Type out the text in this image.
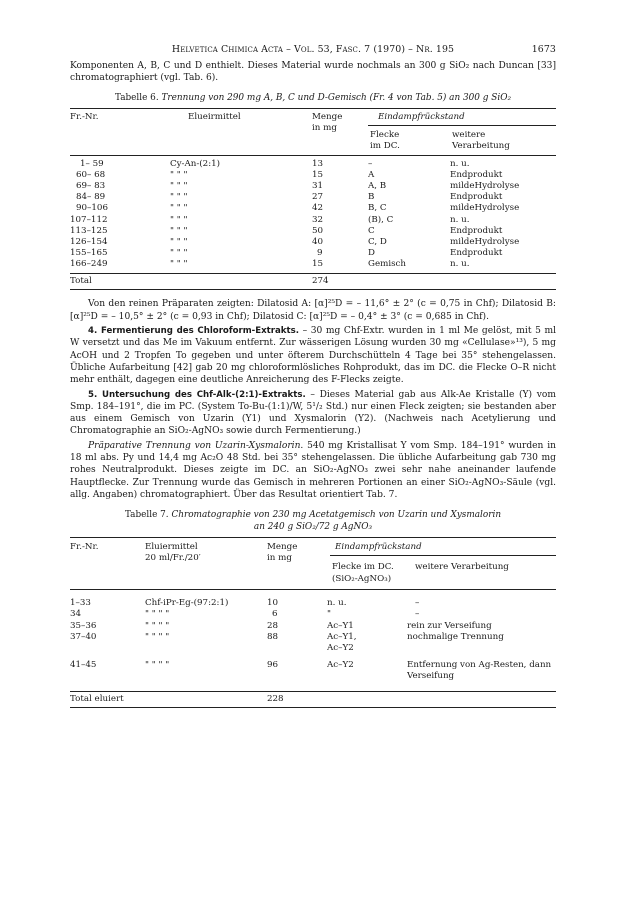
Helvetica Chimica Acta – Vol. 53, Fasc. 7 (1970) – Nr. 195	1673

Komponenten A, B, C und D enthielt. Dieses Material wurde nochmals an 300 g SiO₂ nach Duncan [33] chromatographiert (vgl. Tab. 6).

Tabelle 6. Trennung von 290 mg A, B, C und D-Gemisch (Fr. 4 von Tab. 5) an 300 g SiO₂
Fr.-Nr.	Elueirmittel	Menge
in mg
Eindampfrückstand
Flecke
im DC.
weitere
Verarbeitung
1– 59	Cy-An-(2:1)	13	–	n. u.
60– 68	" " "	15	A	Endprodukt
69– 83	" " "	31	A, B	mildeHydrolyse
84– 89	" " "	27	B	Endprodukt
90–106	" " "	42	B, C	mildeHydrolyse
107–112	" " "	32	(B), C	n. u.
113–125	" " "	50	C	Endprodukt
126–154	" " "	40	C, D	mildeHydrolyse
155–165	" " "	9	D	Endprodukt
166–249	" " "	15	Gemisch	n. u.
Total	274

Von den reinen Präparaten zeigten: Dilatosid A: [α]²⁵D = – 11,6° ± 2° (c = 0,75 in Chf); Dilatosid B: [α]²⁵D = – 10,5° ± 2° (c = 0,93 in Chf); Dilatosid C: [α]²⁵D = – 0,4° ± 3° (c = 0,685 in Chf).

4. Fermentierung des Chloroform-Extrakts. – 30 mg Chf-Extr. wurden in 1 ml Me gelöst, mit 5 ml W versetzt und das Me im Vakuum entfernt. Zur wässerigen Lösung wurden 30 mg «Cellulase»¹³), 5 mg AcOH und 2 Tropfen To gegeben und unter öfterem Durchschütteln 4 Tage bei 35° stehengelassen. Übliche Aufarbeitung [42] gab 20 mg chloroformlösliches Rohprodukt, das im DC. die Flecke O–R nicht mehr enthält, dagegen eine deutliche Anreicherung des F-Flecks zeigte.

5. Untersuchung des Chf-Alk-(2:1)-Extrakts. – Dieses Material gab aus Alk-Ae Kristalle (Y) vom Smp. 184–191°, die im PC. (System To-Bu-(1:1)/W, 5¹/₂ Std.) nur einen Fleck zeigten; sie bestanden aber aus einem Gemisch von Uzarin (Y1) und Xysmalorin (Y2). (Nachweis nach Acetylierung und Chromatographie an SiO₂-AgNO₃ sowie durch Fermentierung.)

Präparative Trennung von Uzarin-Xysmalorin. 540 mg Kristallisat Y vom Smp. 184–191° wurden in 18 ml abs. Py und 14,4 mg Ac₂O 48 Std. bei 35° stehengelassen. Die übliche Aufarbeitung gab 730 mg rohes Neutralprodukt. Dieses zeigte im DC. an SiO₂-AgNO₃ zwei sehr nahe aneinander laufende Hauptflecke. Zur Trennung wurde das Gemisch in mehreren Portionen an einer SiO₂-AgNO₃-Säule (vgl. allg. Angaben) chromatographiert. Über das Resultat orientiert Tab. 7.

Tabelle 7. Chromatographie von 230 mg Acetatgemisch von Uzarin und Xysmalorin
an 240 g SiO₂/72 g AgNO₃
Fr.-Nr.	Eluiermittel
20 ml/Fr./20′
Menge
in mg
Eindampfrückstand
Flecke im DC.
(SiO₂-AgNO₃)
weitere Verarbeitung
1–33	Chf-iPr-Eg-(97:2:1)	10	n. u.	–
34	" " " "	6	"	–
35–36	" " " "	28	Ac–Y1	rein zur Verseifung
37–40	" " " "	88	Ac–Y1,	nochmalige Trennung
Ac–Y2
41–45	" " " "	96	Ac–Y2	Entfernung von Ag-Resten, dann Verseifung
Total eluiert	228
